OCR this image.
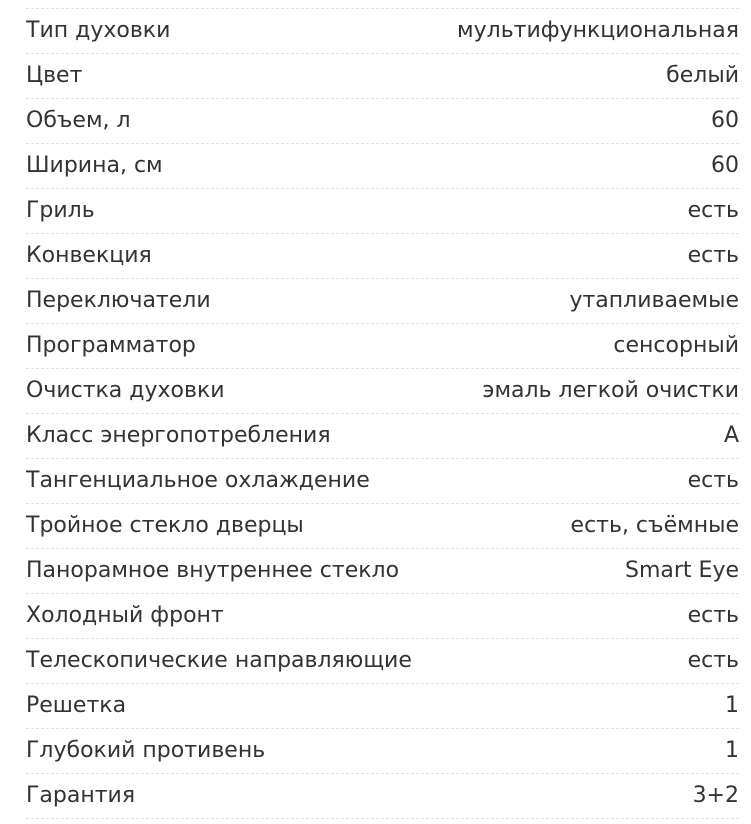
Тип духовки	мультифункциональная
Цвет	белый
Объем, л	60
Ширина, см	60
Гриль	есть
Конвекция	есть
Переключатели	утапливаемые
Программатор	сенсорный
Очистка духовки	эмаль легкой очистки
Класс энергопотребления	А
Тангенциальное охлаждение	есть
Тройное стекло дверцы	есть, съёмные
Панорамное внутреннее стекло	Smart Eye
Холодный фронт	есть
Телескопические направляющие	есть
Решетка	1
Глубокий противень	1
Гарантия	3+2
